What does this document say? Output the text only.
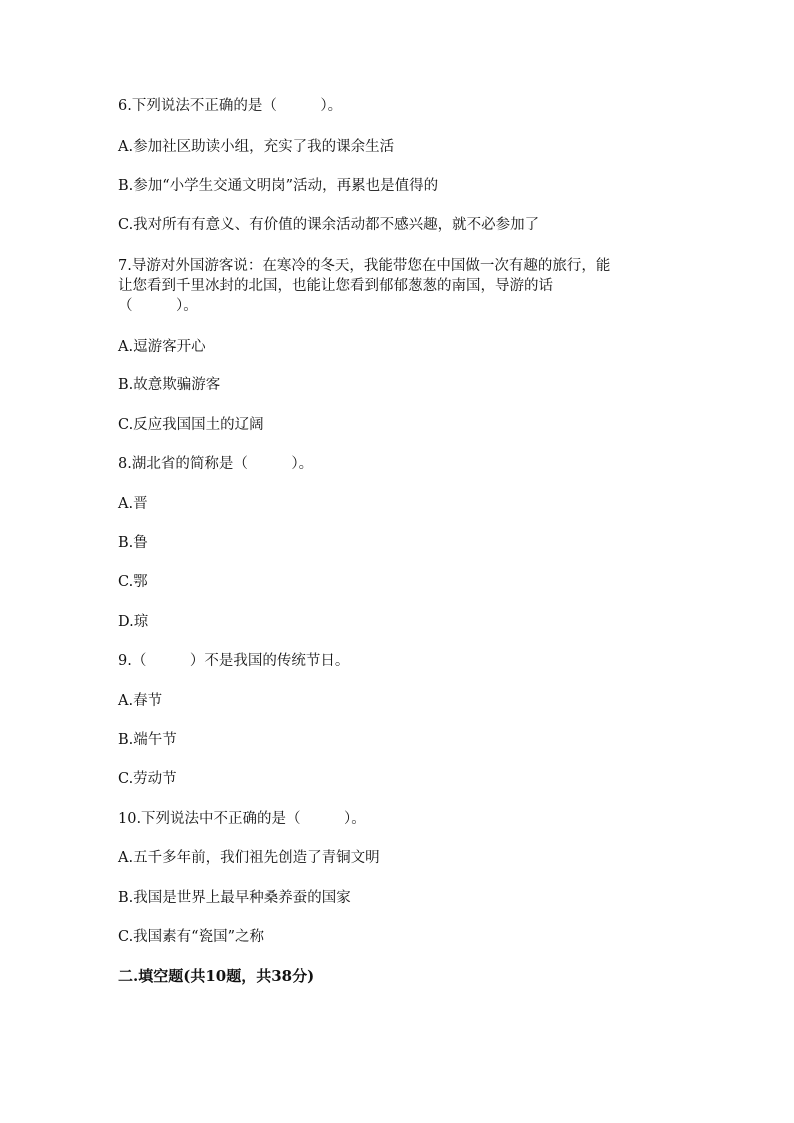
6.下列说法不正确的是（　　　）。
A.参加社区助读小组，充实了我的课余生活
B.参加“小学生交通文明岗”活动，再累也是值得的
C.我对所有有意义、有价值的课余活动都不感兴趣，就不必参加了
7.导游对外国游客说：在寒冷的冬天，我能带您在中国做一次有趣的旅行，能
让您看到千里冰封的北国，也能让您看到郁郁葱葱的南国，导游的话
（　　　）。
A.逗游客开心
B.故意欺骗游客
C.反应我国国土的辽阔
8.湖北省的简称是（　　　）。
A.晋
B.鲁
C.鄂
D.琼
9.（　　　）不是我国的传统节日。
A.春节
B.端午节
C.劳动节
10.下列说法中不正确的是（　　　）。
A.五千多年前，我们祖先创造了青铜文明
B.我国是世界上最早种桑养蚕的国家
C.我国素有“瓷国”之称
二.填空题(共10题，共38分)
